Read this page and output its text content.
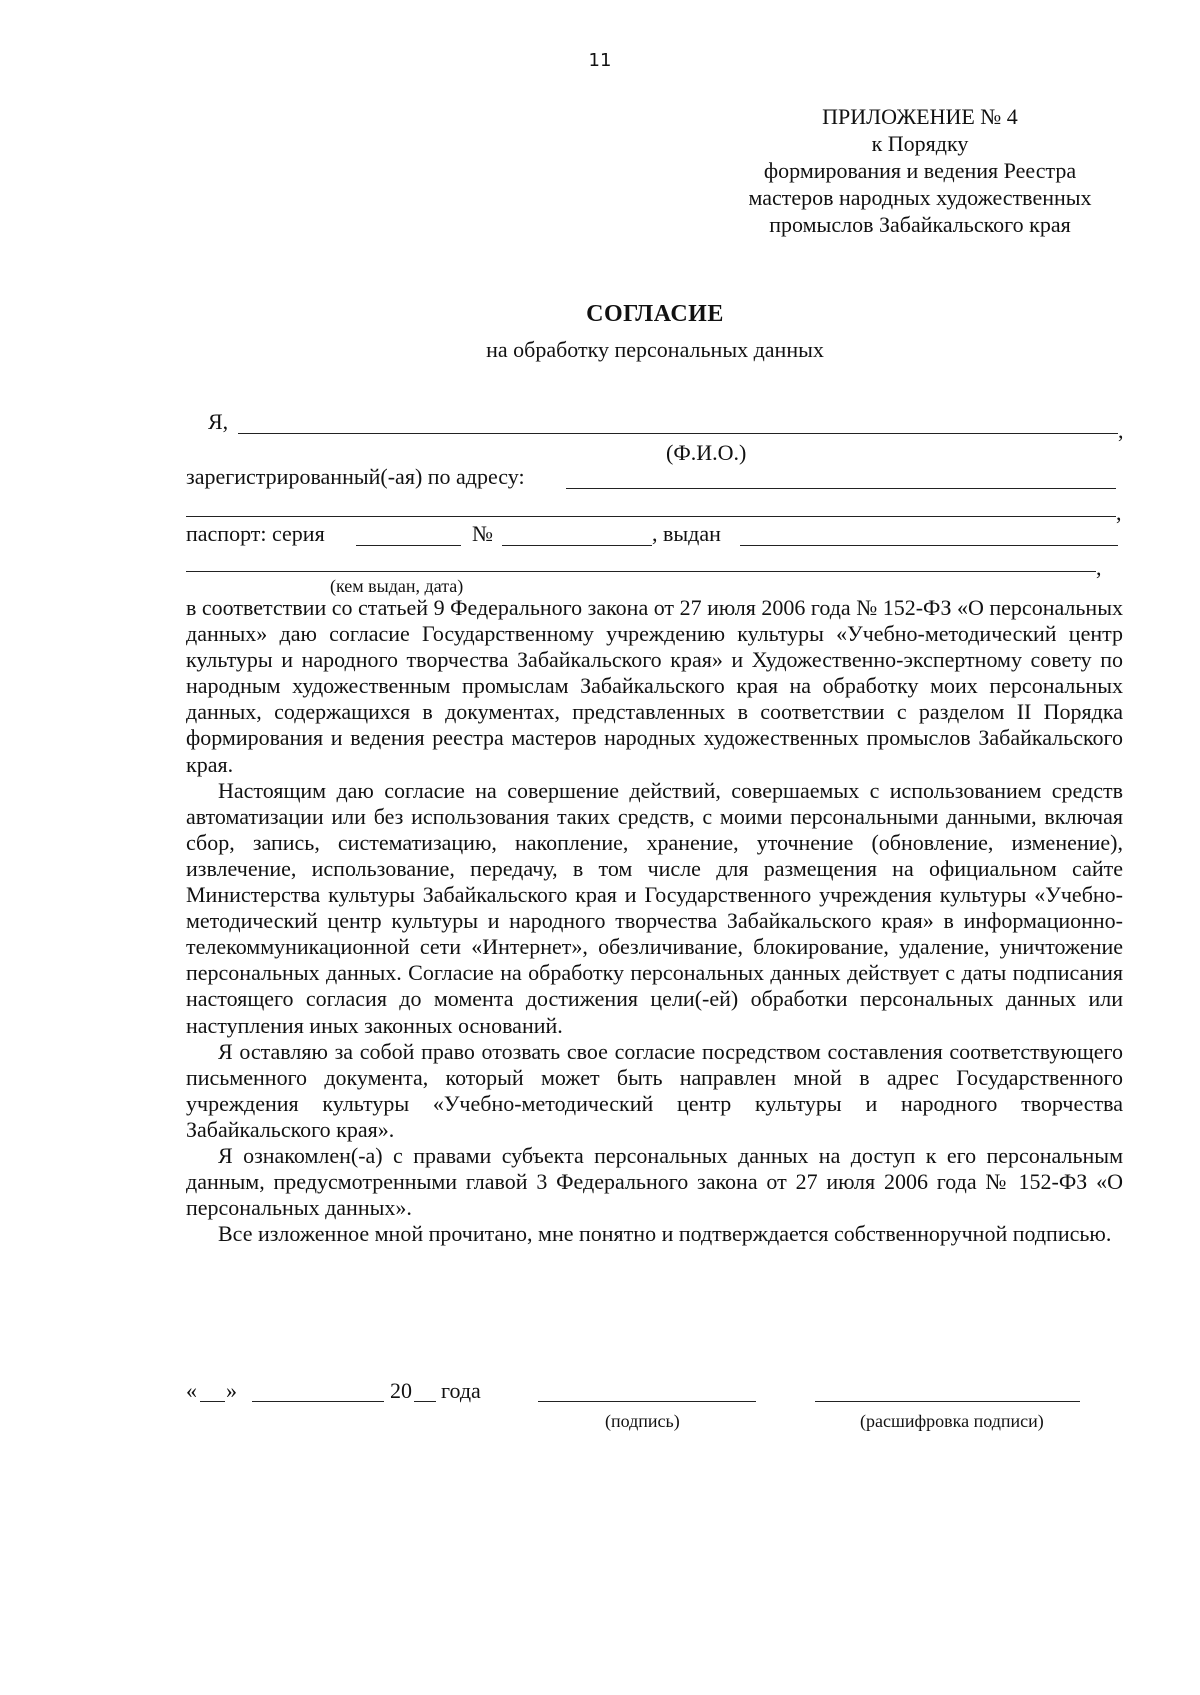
11
ПРИЛОЖЕНИЕ № 4
к Порядку
формирования и ведения Реестра
мастеров народных художественных
промыслов Забайкальского края
СОГЛАСИЕ
на обработку персональных данных
Я,	,
(Ф.И.О.)
зарегистрированный(-ая) по адресу:
,
паспорт: серия	№	, выдан
,
(кем выдан, дата)

в соответствии со статьей 9 Федерального закона от 27 июля 2006 года № 152-ФЗ «О персональных данных» даю согласие Государственному учреждению культуры «Учебно-методический центр культуры и народного творчества Забайкальского края» и Художественно-экспертному совету по народным художественным промыслам Забайкальского края на обработку моих персональных данных, содержащихся в документах, представленных в соответствии с разделом II Порядка формирования и ведения реестра мастеров народных художественных промыслов Забайкальского края.

Настоящим даю согласие на совершение действий, совершаемых с использованием средств автоматизации или без использования таких средств, с моими персональными данными, включая сбор, запись, систематизацию, накопление, хранение, уточнение (обновление, изменение), извлечение, использование, передачу, в том числе для размещения на официальном сайте Министерства культуры Забайкальского края и Государственного учреждения культуры «Учебно-методический центр культуры и народного творчества Забайкальского края» в информационно-телекоммуникационной сети «Интернет», обезличивание, блокирование, удаление, уничтожение персональных данных. Согласие на обработку персональных данных действует с даты подписания настоящего согласия до момента достижения цели(-ей) обработки персональных данных или наступления иных законных оснований.

Я оставляю за собой право отозвать свое согласие посредством составления соответствующего письменного документа, который может быть направлен мной в адрес Государственного учреждения культуры «Учебно-методический центр культуры и народного творчества Забайкальского края».

Я ознакомлен(-а) с правами субъекта персональных данных на доступ к его персональным данным, предусмотренными главой 3 Федерального закона от 27 июля 2006 года № 152-ФЗ «О персональных данных».

Все изложенное мной прочитано, мне понятно и подтверждается собственноручной подписью.

« »	20 года
(подпись)	(расшифровка подписи)
